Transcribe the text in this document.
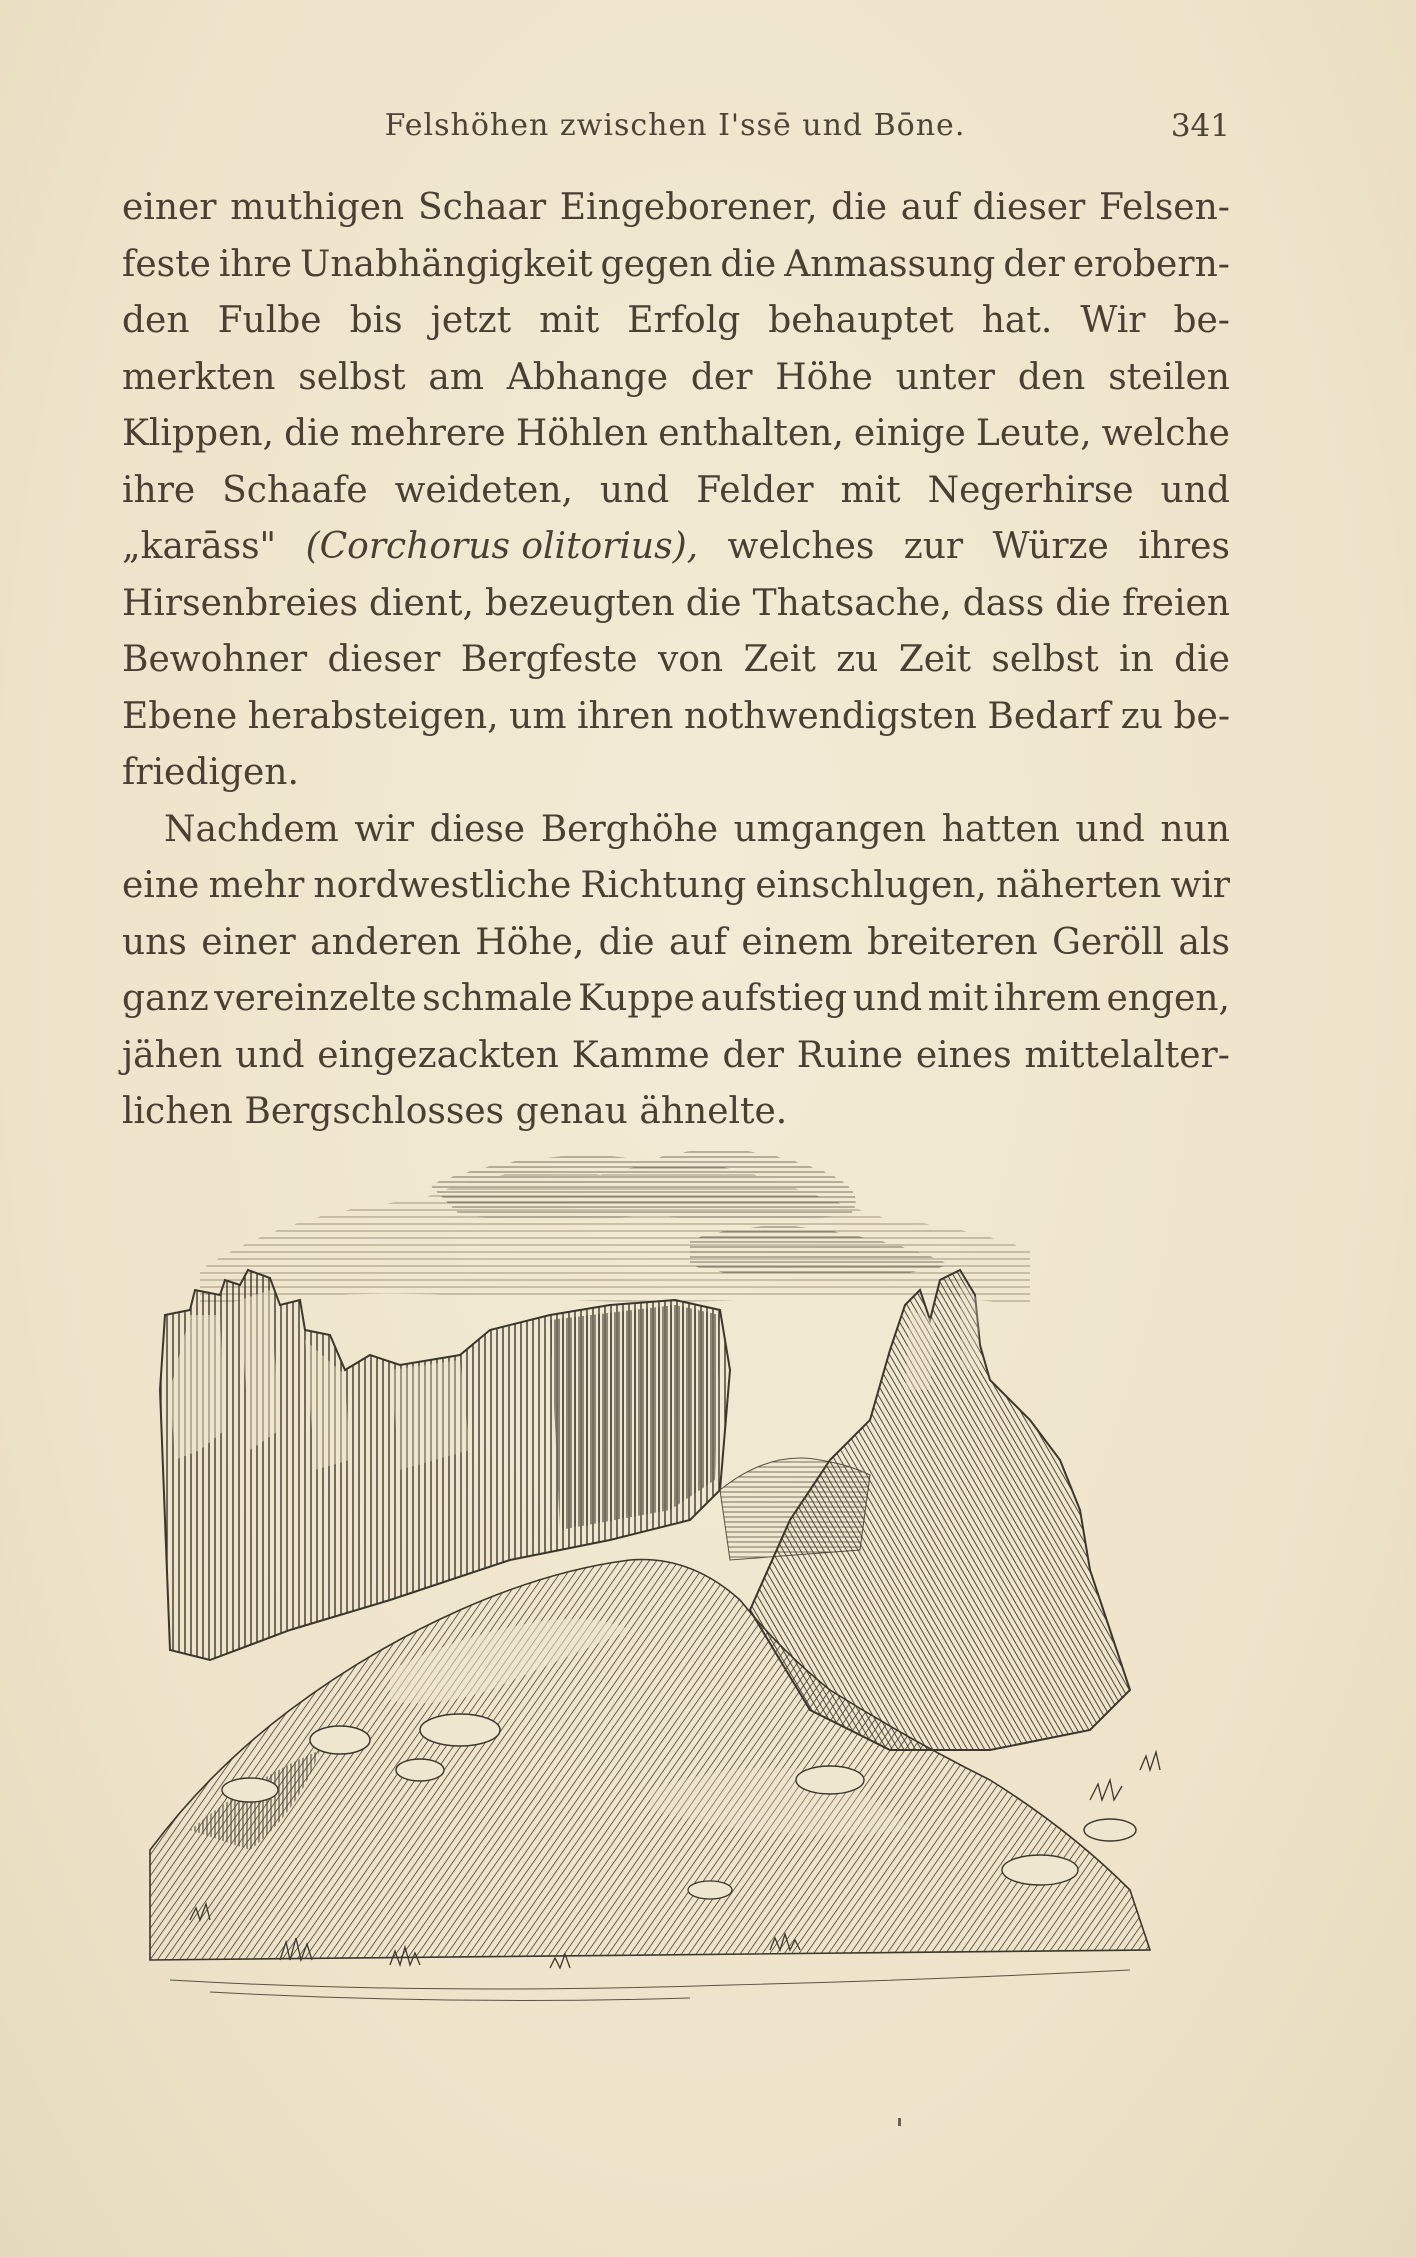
Felshöhen zwischen I'ssē und Bōne.	341
einer muthigen Schaar Eingeborener, die auf dieser Felsen-
feste ihre Unabhängigkeit gegen die Anmassung der erobern-
den Fulbe bis jetzt mit Erfolg behauptet hat. Wir be-
merkten selbst am Abhange der Höhe unter den steilen
Klippen, die mehrere Höhlen enthalten, einige Leute, welche
ihre Schaafe weideten, und Felder mit Negerhirse und
„karāss" (Corchorus olitorius), welches zur Würze ihres
Hirsenbreies dient, bezeugten die Thatsache, dass die freien
Bewohner dieser Bergfeste von Zeit zu Zeit selbst in die
Ebene herabsteigen, um ihren nothwendigsten Bedarf zu be-
friedigen.
Nachdem wir diese Berghöhe umgangen hatten und nun
eine mehr nordwestliche Richtung einschlugen, näherten wir
uns einer anderen Höhe, die auf einem breiteren Geröll als
ganz vereinzelte schmale Kuppe aufstieg und mit ihrem engen,
jähen und eingezackten Kamme der Ruine eines mittelalter-
lichen Bergschlosses genau ähnelte.
